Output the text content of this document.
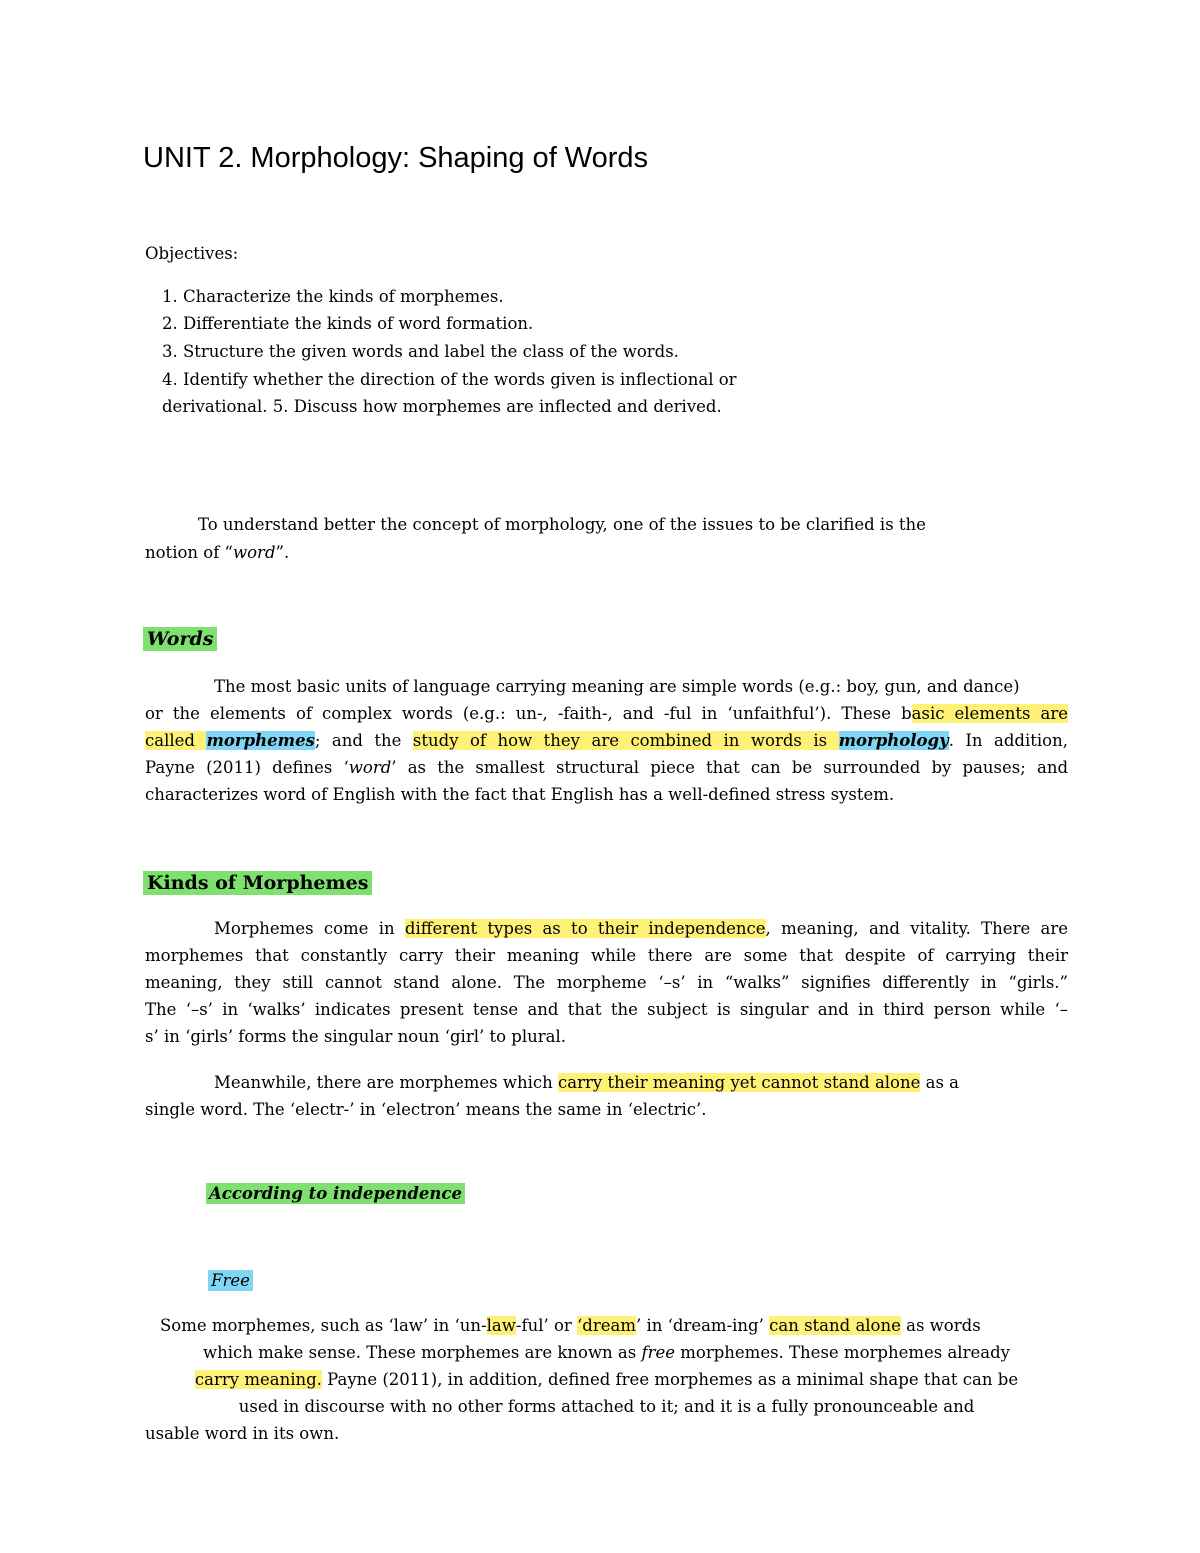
UNIT 2. Morphology: Shaping of Words
Objectives:
1. Characterize the kinds of morphemes.
2. Differentiate the kinds of word formation.
3. Structure the given words and label the class of the words.
4. Identify whether the direction of the words given is inflectional or
derivational. 5. Discuss how morphemes are inflected and derived.
To understand better the concept of morphology, one of the issues to be clarified is the
notion of “word”.
Words
The most basic units of language carrying meaning are simple words (e.g.: boy, gun, and dance)
or the elements of complex words (e.g.: un-, -faith-, and -ful in ‘unfaithful’). These basic elements are
called morphemes; and the study of how they are combined in words is morphology. In addition,
Payne (2011) defines ‘word’ as the smallest structural piece that can be surrounded by pauses; and
characterizes word of English with the fact that English has a well-defined stress system.
Kinds of Morphemes
Morphemes come in different types as to their independence, meaning, and vitality. There are
morphemes that constantly carry their meaning while there are some that despite of carrying their
meaning, they still cannot stand alone. The morpheme ‘–s’ in “walks” signifies differently in “girls.”
The ‘–s’ in ‘walks’ indicates present tense and that the subject is singular and in third person while ‘–
s’ in ‘girls’ forms the singular noun ‘girl’ to plural.
Meanwhile, there are morphemes which carry their meaning yet cannot stand alone as a
single word. The ‘electr-’ in ‘electron’ means the same in ‘electric’.
According to independence
Free
Some morphemes, such as ‘law’ in ‘un-law-ful’ or ‘dream’ in ‘dream-ing’ can stand alone as words
which make sense. These morphemes are known as free morphemes. These morphemes already
carry meaning. Payne (2011), in addition, defined free morphemes as a minimal shape that can be
used in discourse with no other forms attached to it; and it is a fully pronounceable and
usable word in its own.
